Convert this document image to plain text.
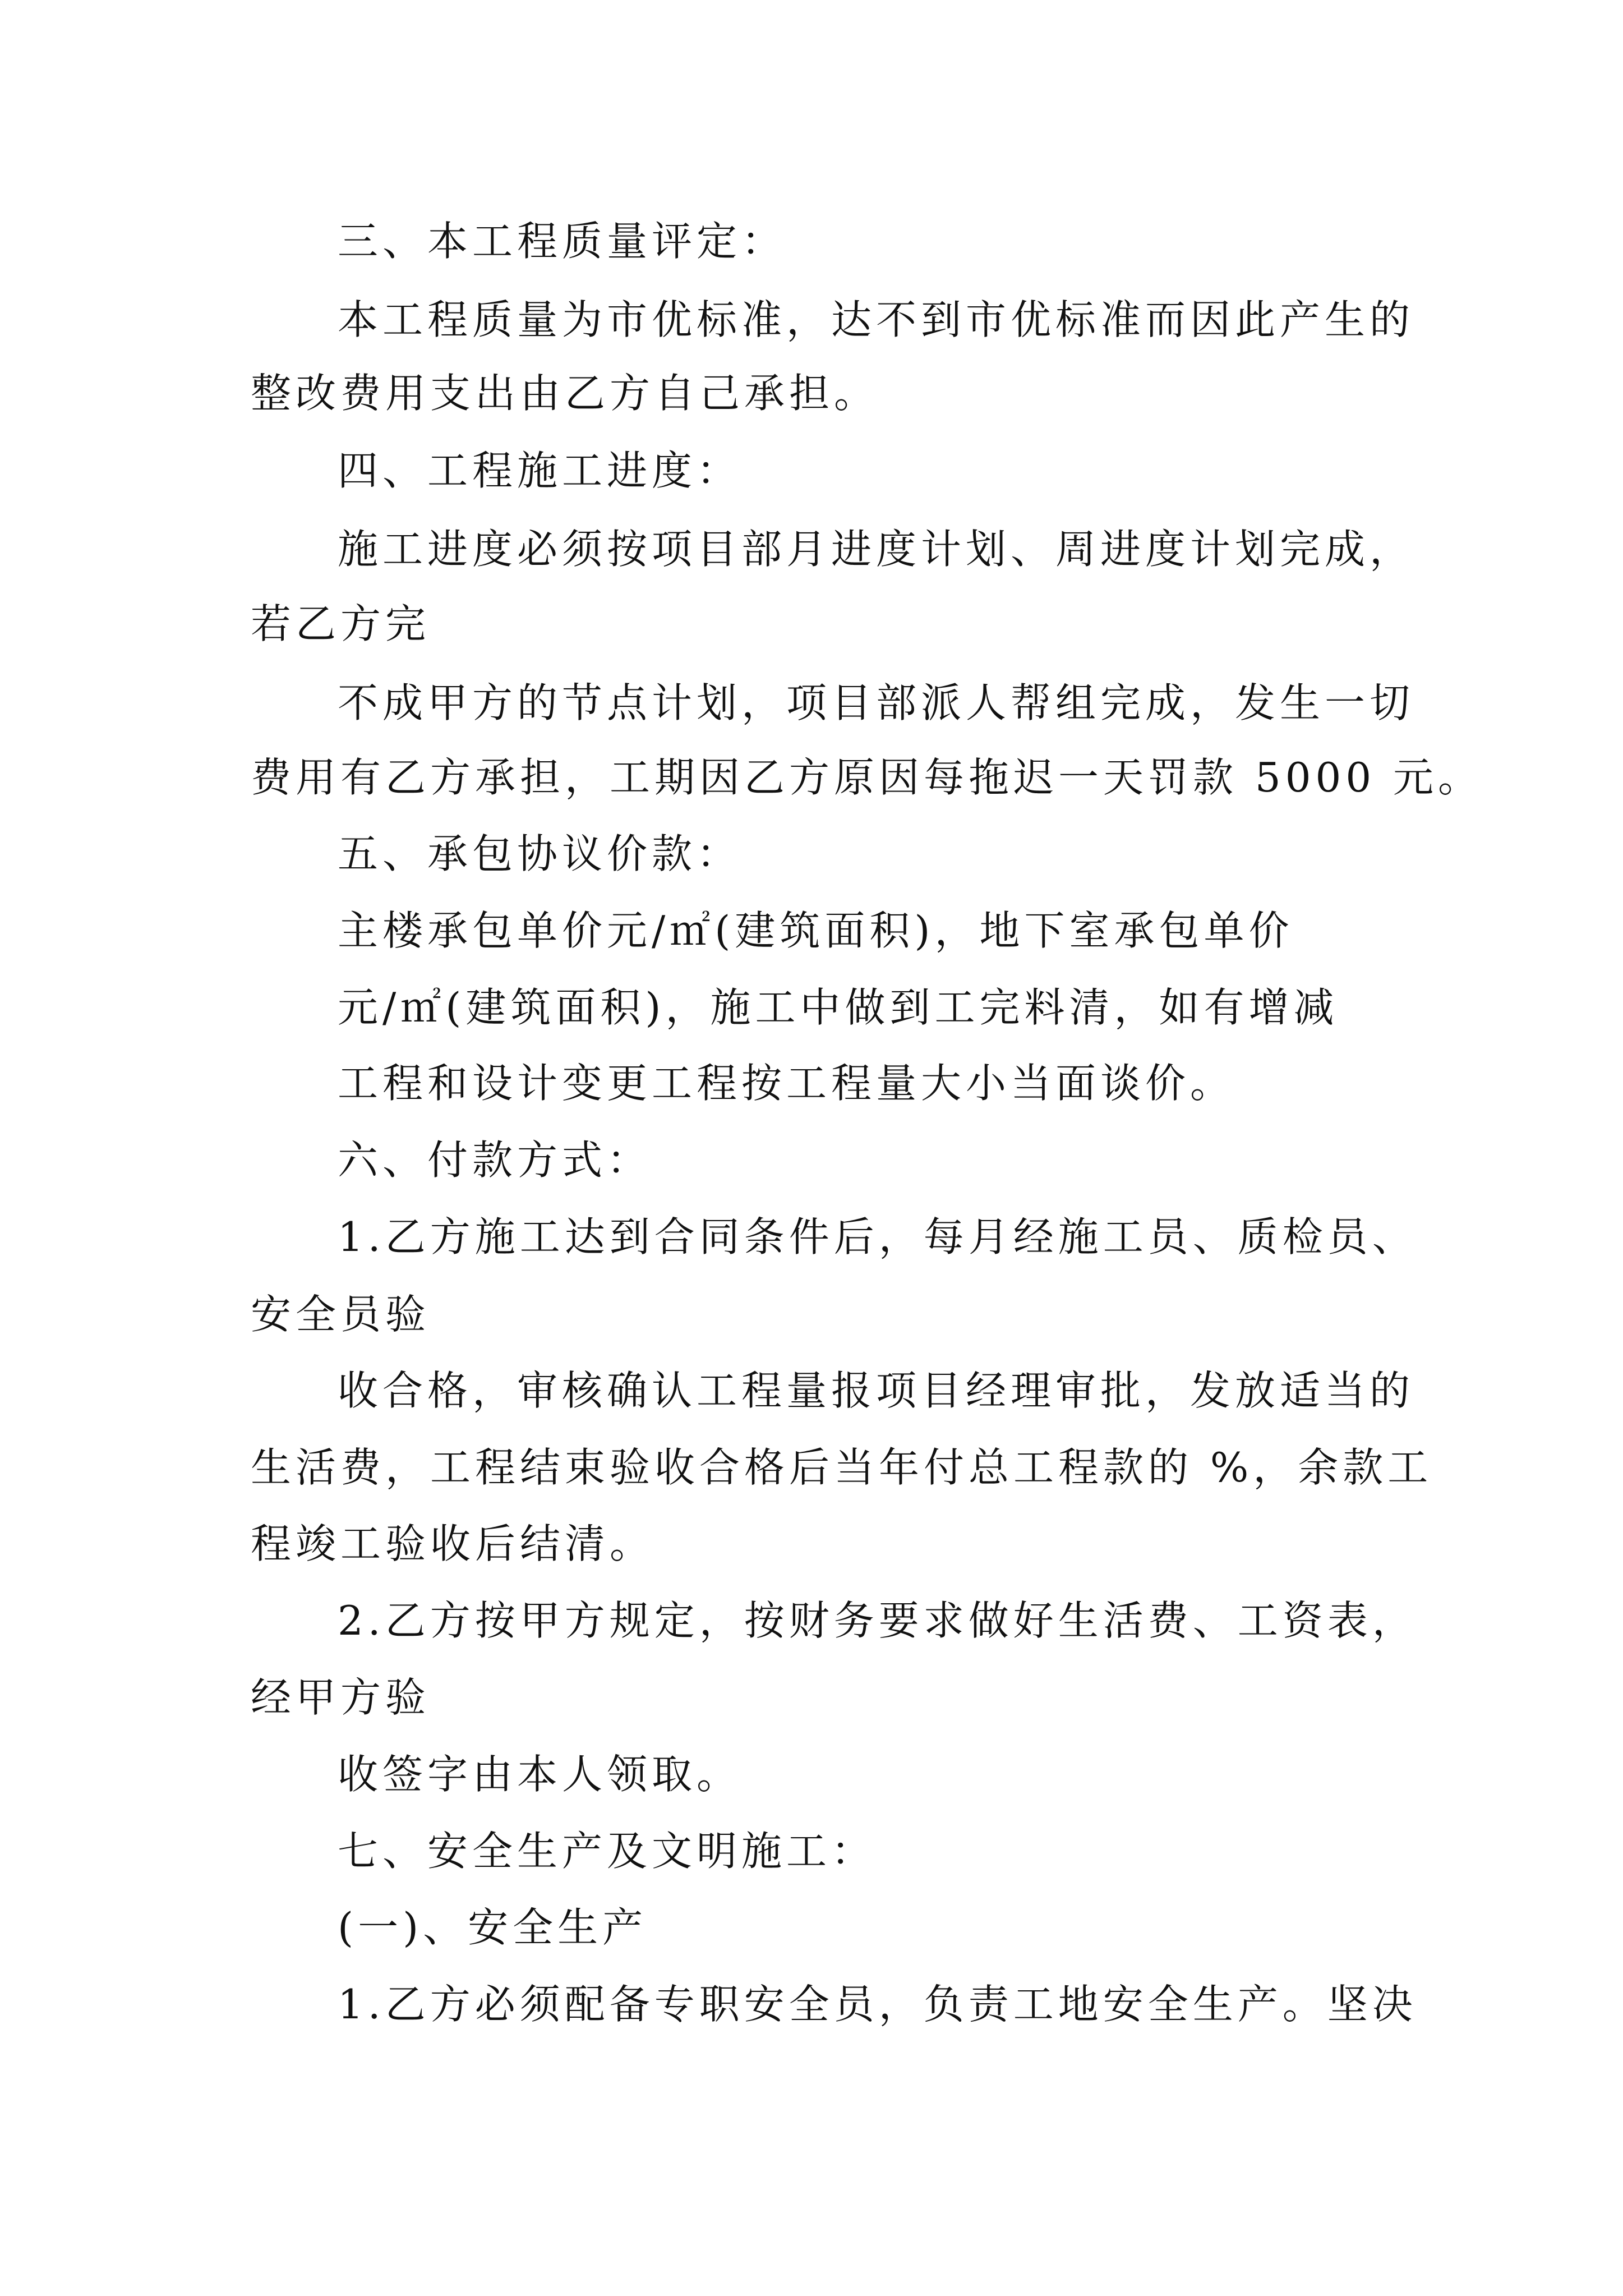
三、本工程质量评定：
本工程质量为市优标准，达不到市优标准而因此产生的
整改费用支出由乙方自己承担。
四、工程施工进度：
施工进度必须按项目部月进度计划、周进度计划完成，
若乙方完
不成甲方的节点计划，项目部派人帮组完成，发生一切
费用有乙方承担，工期因乙方原因每拖迟一天罚款 5000 元。
五、承包协议价款：
主楼承包单价元/㎡(建筑面积)，地下室承包单价
元/㎡(建筑面积)，施工中做到工完料清，如有增减
工程和设计变更工程按工程量大小当面谈价。
六、付款方式：
1.乙方施工达到合同条件后，每月经施工员、质检员、
安全员验
收合格，审核确认工程量报项目经理审批，发放适当的
生活费，工程结束验收合格后当年付总工程款的 %，余款工
程竣工验收后结清。
2.乙方按甲方规定，按财务要求做好生活费、工资表，
经甲方验
收签字由本人领取。
七、安全生产及文明施工：
(一)、安全生产
1.乙方必须配备专职安全员，负责工地安全生产。坚决
